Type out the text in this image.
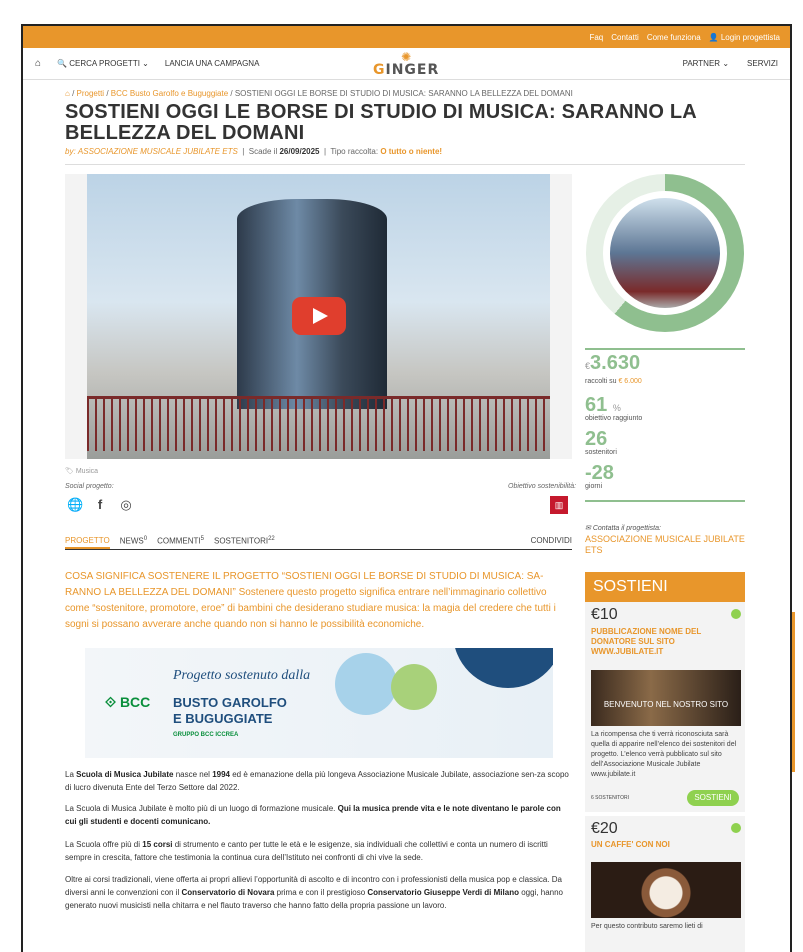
Faq Contatti Come funziona 👤 Login progettista
⌂ 🔍 CERCA PROGETTI ⌄ LANCIA UNA CAMPAGNA	✺
GINGER	PARTNER ⌄ SERVIZI
⌂ / Progetti / BCC Busto Garolfo e Buguggiate / SOSTIENI OGGI LE BORSE DI STUDIO DI MUSICA: SARANNO LA BELLEZZA DEL DOMANI
SOSTIENI OGGI LE BORSE DI STUDIO DI MUSICA: SARANNO LA BELLEZZA DEL DOMANI
by: ASSOCIAZIONE MUSICALE JUBILATE ETS  |  Scade il 26/09/2025  |  Tipo raccolta: O tutto o niente!
🏷 Musica
Social progetto:	Obiettivo sostenibilità:
🌐	f	◎	▥
PROGETTO NEWS$^0$ COMMENTI$^5$ SOSTENITORI$^{22}$	CONDIVIDI
COSA SIGNIFICA SOSTENERE IL PROGETTO “SOSTIENI OGGI LE BORSE DI STUDIO DI MUSICA: SA-RANNO LA BELLEZZA DEL DOMANI” Sostenere questo progetto significa entrare nell’immaginario collettivo come “sostenitore, promotore, eroe” di bambini che desiderano studiare musica: la magia del credere che tutti i sogni si possano avverare anche quando non si hanno le possibilità economiche.
Progetto sostenuto dalla
⟐ BCC BUSTO GAROLFO
E BUGUGGIATE
GRUPPO BCC ICCREA

La Scuola di Musica Jubilate nasce nel 1994 ed è emanazione della più longeva Associazione Musicale Jubilate, associazione sen-za scopo di lucro divenuta Ente del Terzo Settore dal 2022.

La Scuola di Musica Jubilate è molto più di un luogo di formazione musicale. Qui la musica prende vita e le note diventano le parole con cui gli studenti e docenti comunicano.

La Scuola offre più di 15 corsi di strumento e canto per tutte le età e le esigenze, sia individuali che collettivi e conta un numero di iscritti sempre in crescita, fattore che testimonia la continua cura dell’Istituto nei confronti di chi vive la sede.

Oltre ai corsi tradizionali, viene offerta ai propri allievi l’opportunità di ascolto e di incontro con i professionisti della musica pop e classica. Da diversi anni le convenzioni con il Conservatorio di Novara prima e con il prestigioso Conservatorio Giuseppe Verdi di Milano oggi, hanno generato nuovi musicisti nella chitarra e nel flauto traverso che hanno fatto della propria passione un lavoro.

€3.630
raccolti su € 6.000
61 %
obiettivo raggiunto
26
sostenitori
-28
giorni
✉ Contatta il progettista:
ASSOCIAZIONE MUSICALE JUBILATE ETS
SOSTIENI
€10
PUBBLICAZIONE NOME DEL DONATORE SUL SITO WWW.JUBILATE.IT
BENVENUTO NEL NOSTRO SITO
La ricompensa che ti verrà riconosciuta sarà quella di apparire nell’elenco dei sostenitori del progetto. L’elenco verrà pubblicato sul sito dell’Associazione Musicale Jubilate www.jubilate.it
6 SOSTENITORI	SOSTIENI
€20
UN CAFFE' CON NOI
Per questo contributo saremo lieti di
